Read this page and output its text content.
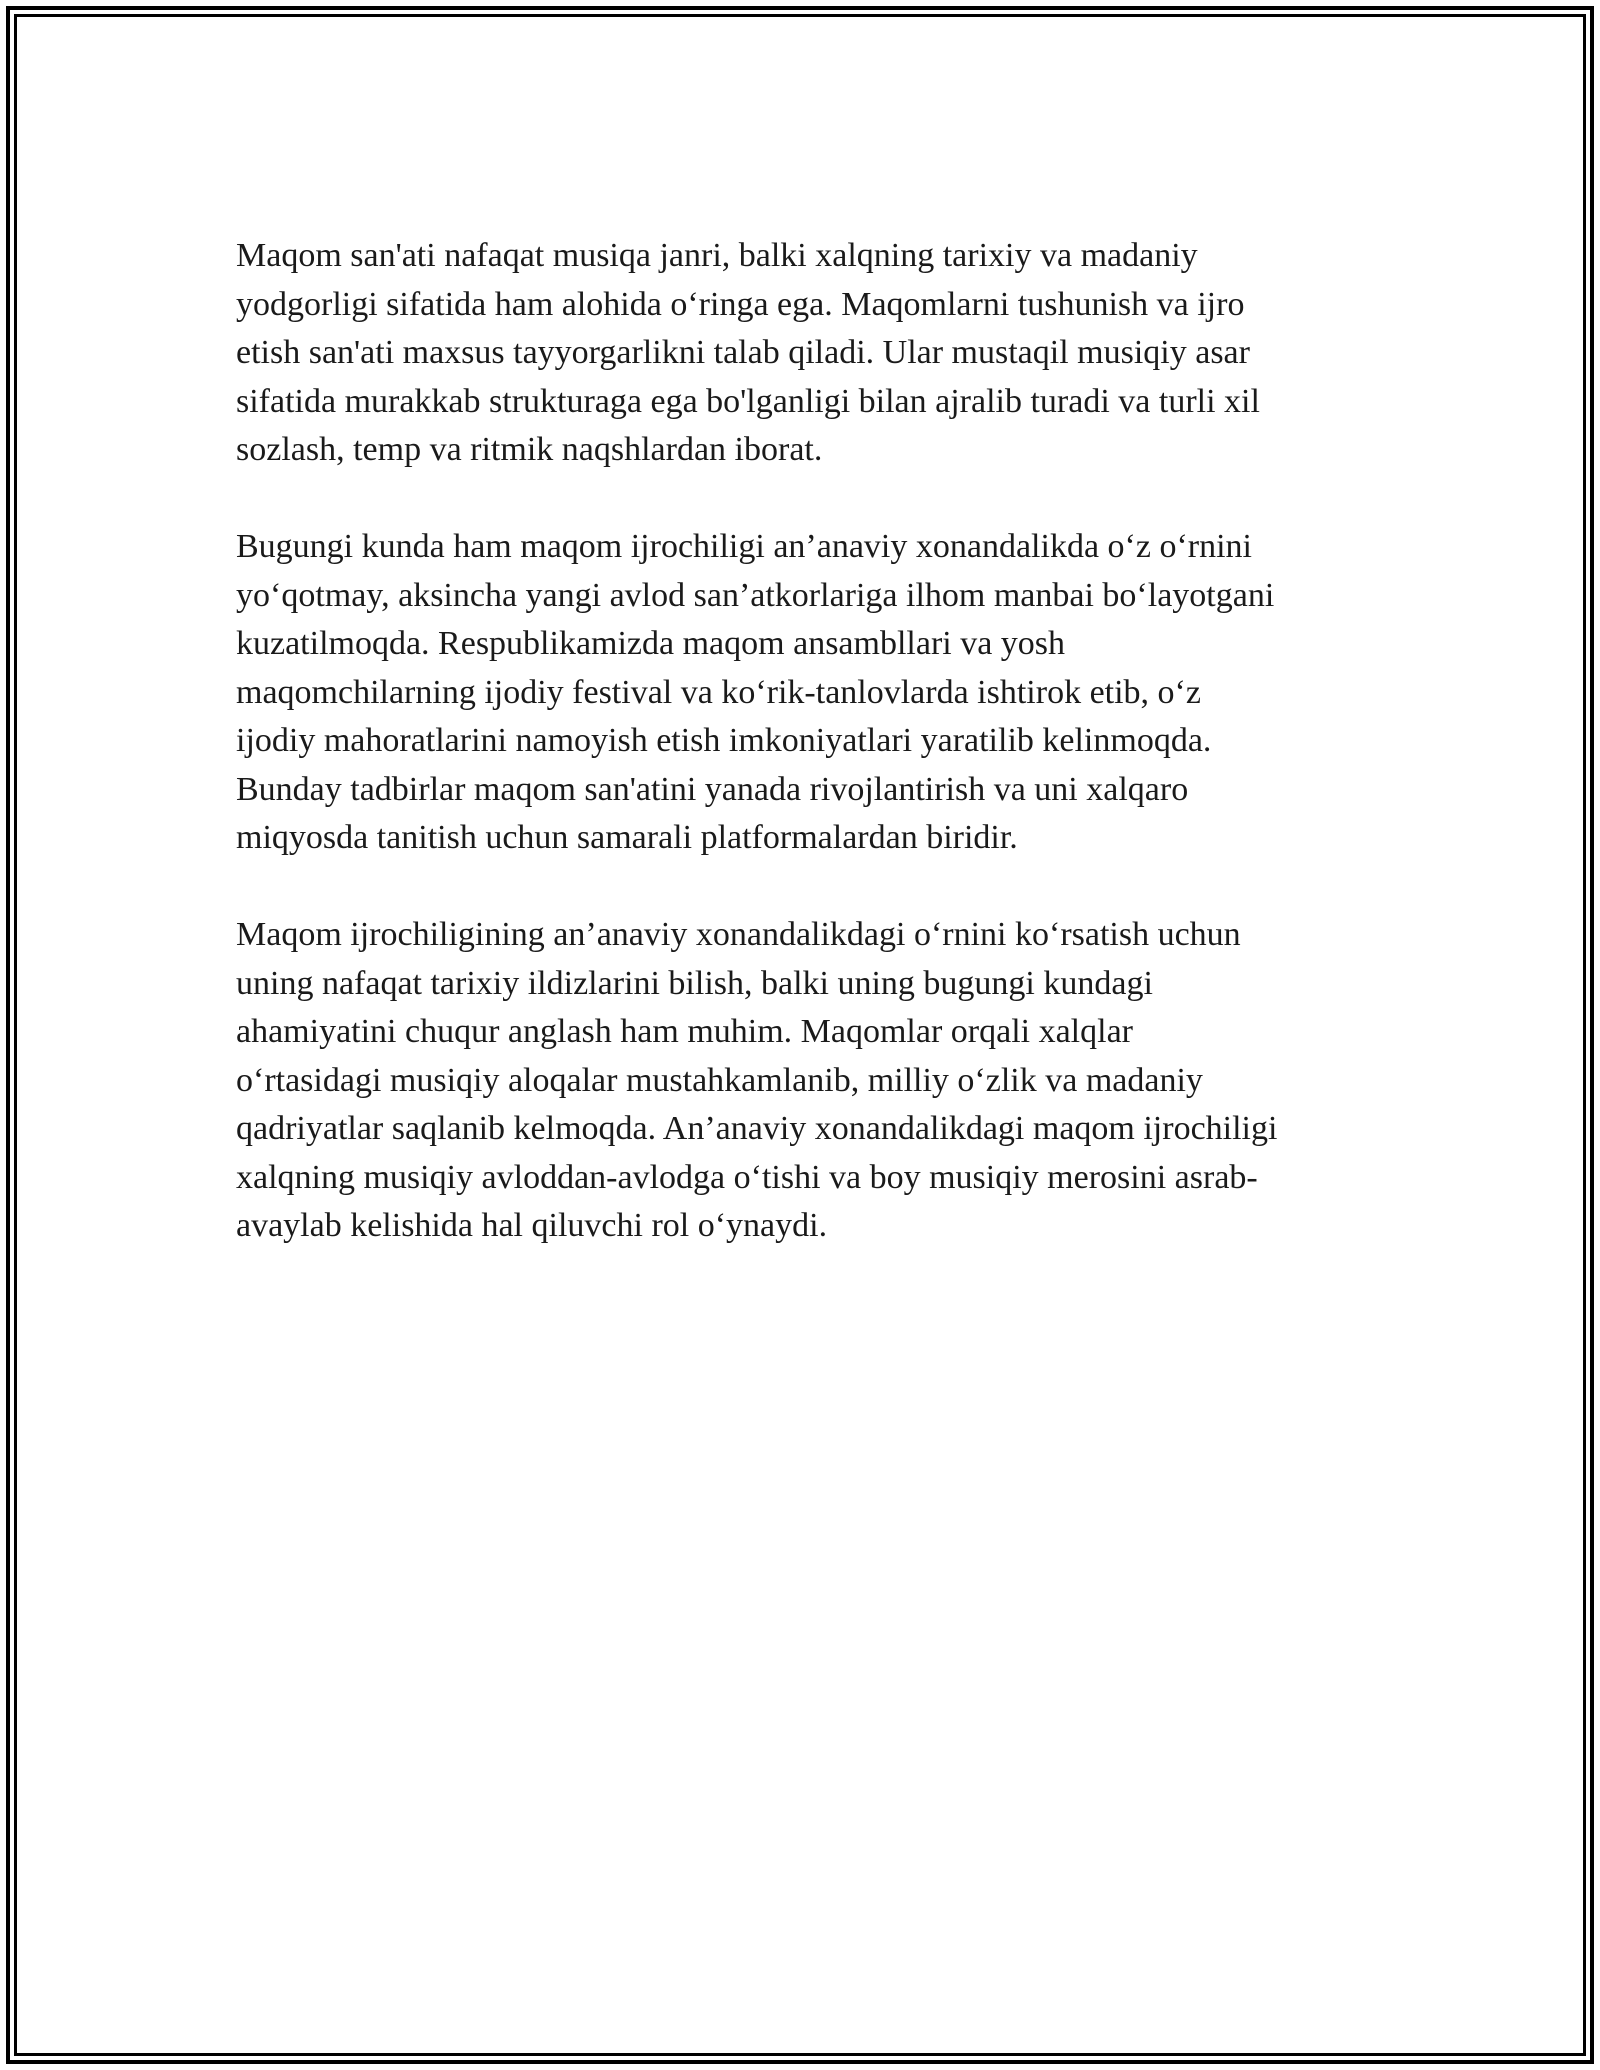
Maqom san'ati nafaqat musiqa janri, balki xalqning tarixiy va madaniy
yodgorligi sifatida ham alohida o‘ringa ega. Maqomlarni tushunish va ijro
etish san'ati maxsus tayyorgarlikni talab qiladi. Ular mustaqil musiqiy asar
sifatida murakkab strukturaga ega bo'lganligi bilan ajralib turadi va turli xil
sozlash, temp va ritmik naqshlardan iborat.

Bugungi kunda ham maqom ijrochiligi an’anaviy xonandalikda o‘z o‘rnini
yo‘qotmay, aksincha yangi avlod san’atkorlariga ilhom manbai bo‘layotgani
kuzatilmoqda. Respublikamizda maqom ansambllari va yosh
maqomchilarning ijodiy festival va ko‘rik-tanlovlarda ishtirok etib, o‘z
ijodiy mahoratlarini namoyish etish imkoniyatlari yaratilib kelinmoqda.
Bunday tadbirlar maqom san'atini yanada rivojlantirish va uni xalqaro
miqyosda tanitish uchun samarali platformalardan biridir.

Maqom ijrochiligining an’anaviy xonandalikdagi o‘rnini ko‘rsatish uchun
uning nafaqat tarixiy ildizlarini bilish, balki uning bugungi kundagi
ahamiyatini chuqur anglash ham muhim. Maqomlar orqali xalqlar
o‘rtasidagi musiqiy aloqalar mustahkamlanib, milliy o‘zlik va madaniy
qadriyatlar saqlanib kelmoqda. An’anaviy xonandalikdagi maqom ijrochiligi
xalqning musiqiy avloddan-avlodga o‘tishi va boy musiqiy merosini asrab-
avaylab kelishida hal qiluvchi rol o‘ynaydi.
